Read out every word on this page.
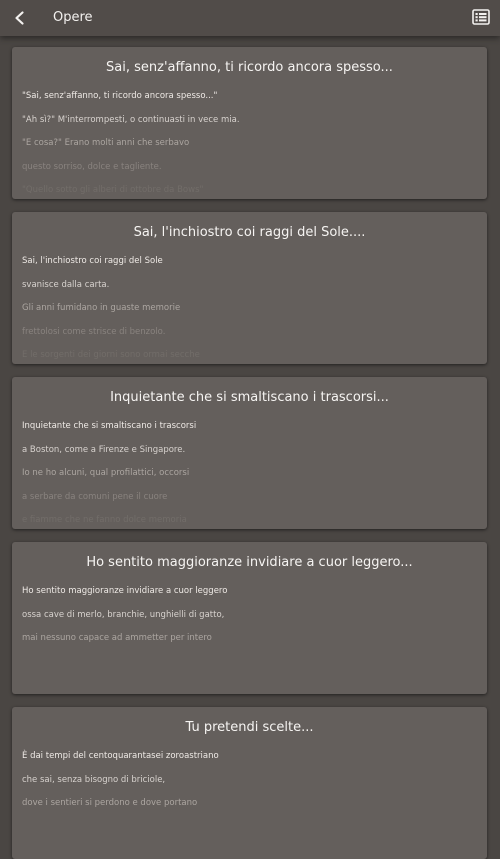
Opere
Sai, senz'affanno, ti ricordo ancora spesso...
"Sai, senz'affanno, ti ricordo ancora spesso..."
"Ah sì?" M'interrompesti, o continuasti in vece mia.
"E cosa?" Erano molti anni che serbavo
questo sorriso, dolce e tagliente.
"Quello sotto gli alberi di ottobre da Bows"
Sai, l'inchiostro coi raggi del Sole....
Sai, l'inchiostro coi raggi del Sole
svanisce dalla carta.
Gli anni fumidano in guaste memorie
frettolosi come strisce di benzolo.
E le sorgenti dei giorni sono ormai secche
Inquietante che si smaltiscano i trascorsi...
Inquietante che si smaltiscano i trascorsi
a Boston, come a Firenze e Singapore.
Io ne ho alcuni, qual profilattici, occorsi
a serbare da comuni pene il cuore
e fiamme che ne fanno dolce memoria
Ho sentito maggioranze invidiare a cuor leggero...
Ho sentito maggioranze invidiare a cuor leggero
ossa cave di merlo, branchie, unghielli di gatto,
mai nessuno capace ad ammetter per intero
Tu pretendi scelte...
È dai tempi del centoquarantasei zoroastriano
che sai, senza bisogno di briciole,
dove i sentieri si perdono e dove portano
